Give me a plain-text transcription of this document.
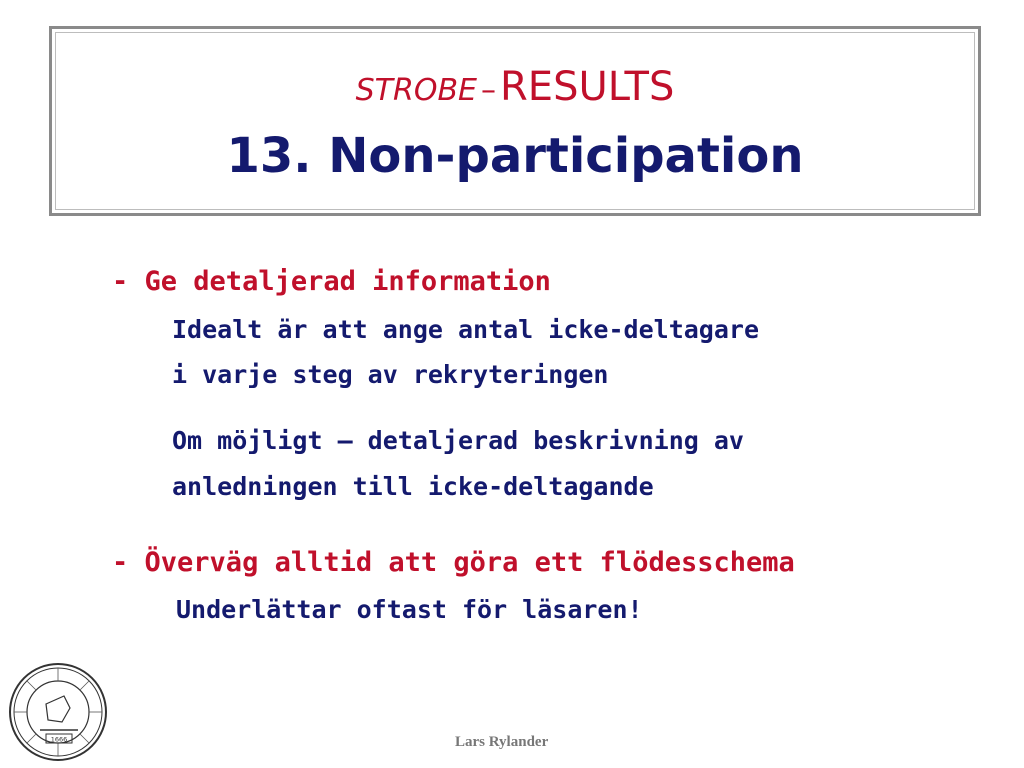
STROBE – RESULTS
13. Non-participation
- Ge detaljerad information
Idealt är att ange antal icke-deltagare
i varje steg av rekryteringen
Om möjligt – detaljerad beskrivning av
anledningen till icke-deltagande
- Överväg alltid att göra ett flödesschema
Underlättar oftast för läsaren!
1666	Lars Rylander
